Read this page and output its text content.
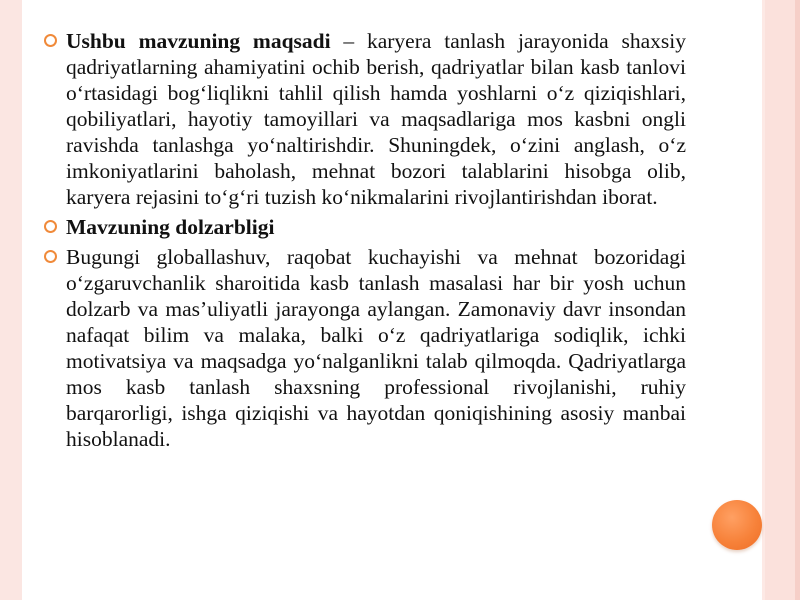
Ushbu mavzuning maqsadi – karyera tanlash jarayonida shaxsiy qadriyatlarning ahamiyatini ochib berish, qadriyatlar bilan kasb tanlovi oʻrtasidagi bogʻliqlikni tahlil qilish hamda yoshlarni oʻz qiziqishlari, qobiliyatlari, hayotiy tamoyillari va maqsadlariga mos kasbni ongli ravishda tanlashga yoʻnaltirishdir. Shuningdek, oʻzini anglash, oʻz imkoniyatlarini baholash, mehnat bozori talablarini hisobga olib, karyera rejasini toʻgʻri tuzish koʻnikmalarini rivojlantirishdan iborat.
Mavzuning dolzarbligi
Bugungi globallashuv, raqobat kuchayishi va mehnat bozoridagi oʻzgaruvchanlik sharoitida kasb tanlash masalasi har bir yosh uchun dolzarb va masʼuliyatli jarayonga aylangan. Zamonaviy davr insondan nafaqat bilim va malaka, balki oʻz qadriyatlariga sodiqlik, ichki motivatsiya va maqsadga yoʻnalganlikni talab qilmoqda. Qadriyatlarga mos kasb tanlash shaxsning professional rivojlanishi, ruhiy barqarorligi, ishga qiziqishi va hayotdan qoniqishining asosiy manbai hisoblanadi.
